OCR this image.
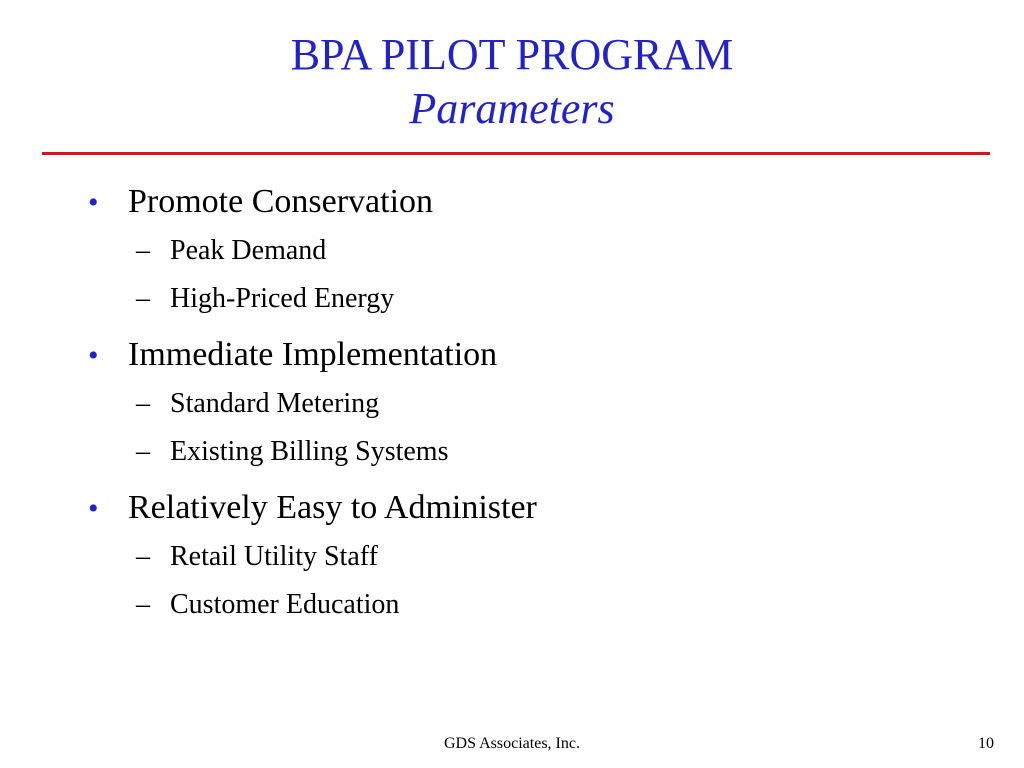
BPA PILOT PROGRAM
Parameters
• Promote Conservation
– Peak Demand
– High-Priced Energy
• Immediate Implementation
– Standard Metering
– Existing Billing Systems
• Relatively Easy to Administer
– Retail Utility Staff
– Customer Education
GDS Associates, Inc.	10
